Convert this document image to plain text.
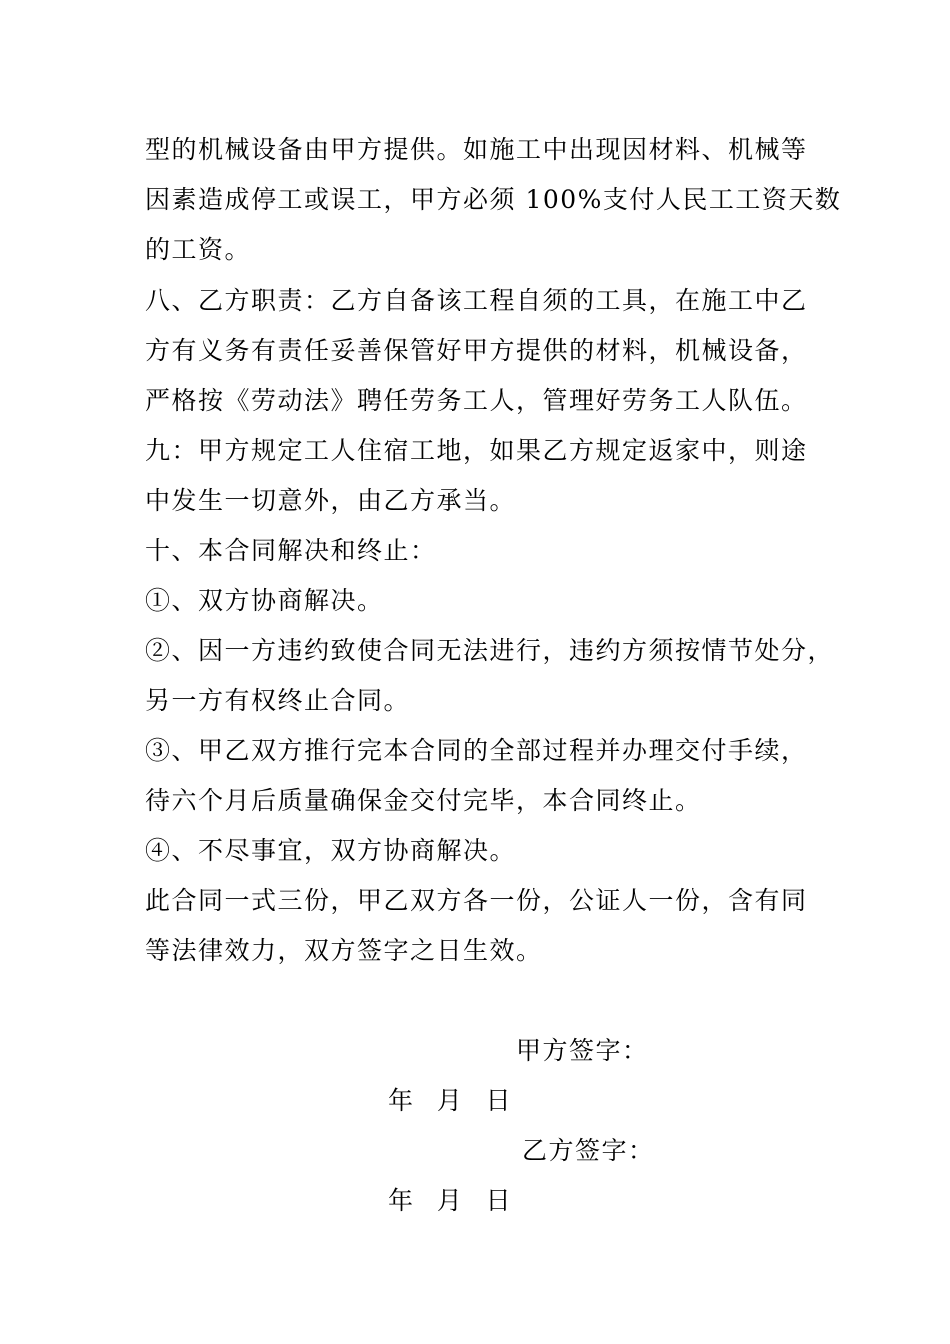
型的机械设备由甲方提供。如施工中出现因材料、机械等
因素造成停工或误工，甲方必须 100%支付人民工工资天数
的工资。
八、乙方职责：乙方自备该工程自须的工具，在施工中乙
方有义务有责任妥善保管好甲方提供的材料，机械设备，
严格按《劳动法》聘任劳务工人，管理好劳务工人队伍。
九：甲方规定工人住宿工地，如果乙方规定返家中，则途
中发生一切意外，由乙方承当。
十、本合同解决和终止：
①、双方协商解决。
②、因一方违约致使合同无法进行，违约方须按情节处分，
另一方有权终止合同。
③、甲乙双方推行完本合同的全部过程并办理交付手续，
待六个月后质量确保金交付完毕，本合同终止。
④、不尽事宜，双方协商解决。
此合同一式三份，甲乙双方各一份，公证人一份，含有同
等法律效力，双方签字之日生效。
甲方签字：
年   月   日
乙方签字：
年   月   日
